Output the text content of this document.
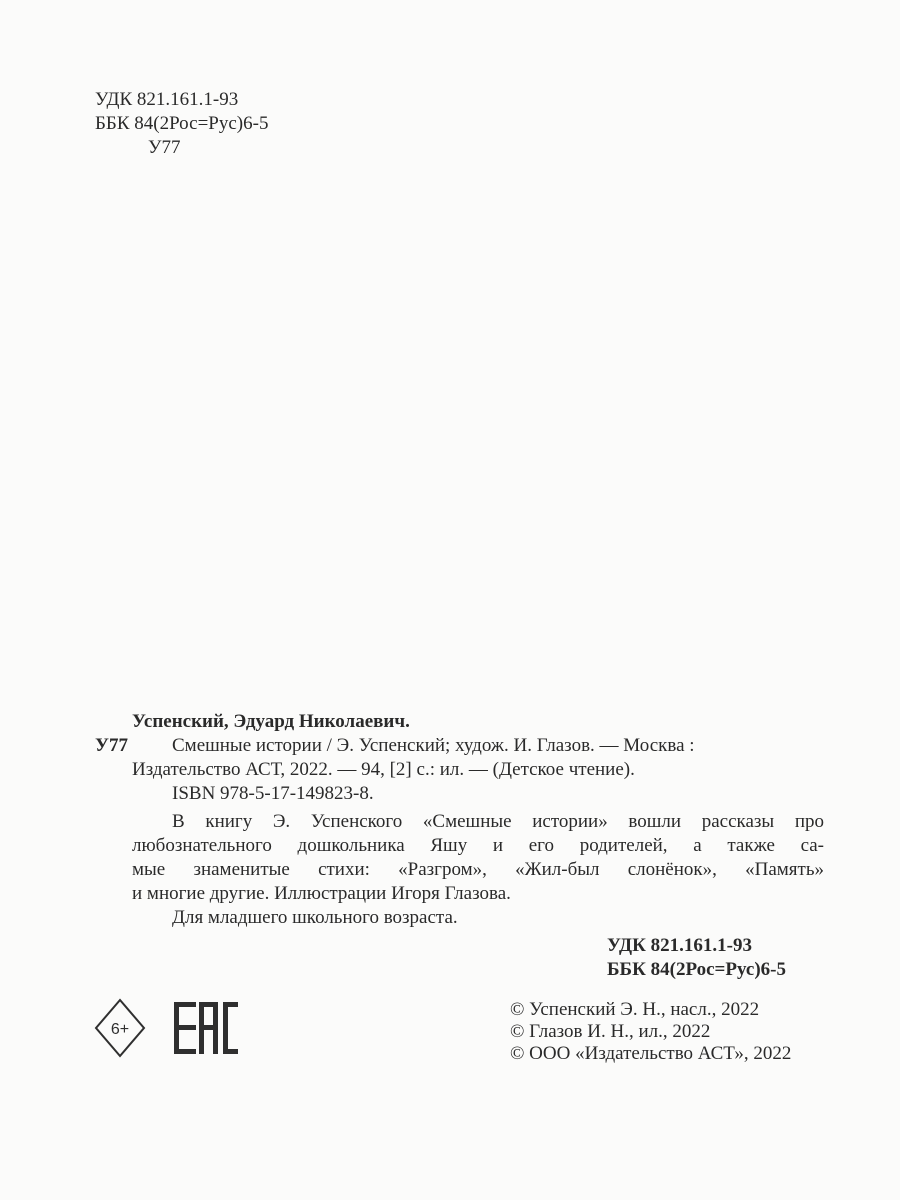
УДК 821.161.1-93
ББК 84(2Рос=Рус)6-5
У77
Успенский, Эдуард Николаевич.
У77 Смешные истории / Э. Успенский; худож. И. Глазов. — Москва :
Издательство АСТ, 2022. — 94, [2] с.: ил. — (Детское чтение).
ISBN 978-5-17-149823-8.
В книгу Э. Успенского «Смешные истории» вошли рассказы про
любознательного дошкольника Яшу и его родителей, а также са-
мые знаменитые стихи: «Разгром», «Жил-был слонёнок», «Память»
и многие другие. Иллюстрации Игоря Глазова.
Для младшего школьного возраста.
УДК 821.161.1-93
ББК 84(2Рос=Рус)6-5
6+
© Успенский Э. Н., насл., 2022
© Глазов И. Н., ил., 2022
© ООО «Издательство АСТ», 2022
